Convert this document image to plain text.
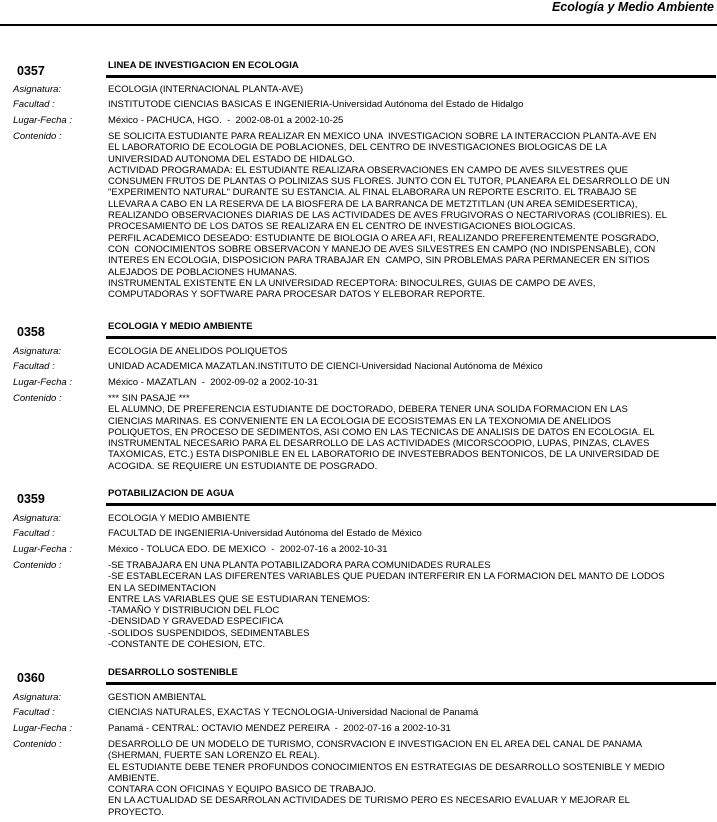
Ecología y Medio Ambiente
0357	LINEA DE INVESTIGACION EN ECOLOGIA
Asignatura:	ECOLOGIA (INTERNACIONAL PLANTA-AVE)
Facultad :	INSTITUTODE CIENCIAS BASICAS E INGENIERIA-Universidad Autónoma del Estado de Hidalgo
Lugar-Fecha :	México - PACHUCA, HGO.  -  2002-08-01 a 2002-10-25
Contenido :	SE SOLICITA ESTUDIANTE PARA REALIZAR EN MEXICO UNA  INVESTIGACION SOBRE LA INTERACCION PLANTA-AVE EN
EL LABORATORIO DE ECOLOGIA DE POBLACIONES, DEL CENTRO DE INVESTIGACIONES BIOLOGICAS DE LA
UNIVERSIDAD AUTONOMA DEL ESTADO DE HIDALGO.
ACTIVIDAD PROGRAMADA: EL ESTUDIANTE REALIZARA OBSERVACIONES EN CAMPO DE AVES SILVESTRES QUE
CONSUMEN FRUTOS DE PLANTAS O POLINIZAS SUS FLORES. JUNTO CON EL TUTOR, PLANEARA EL DESARROLLO DE UN
"EXPERIMENTO NATURAL" DURANTE SU ESTANCIA. AL FINAL ELABORARA UN REPORTE ESCRITO. EL TRABAJO SE
LLEVARA A CABO EN LA RESERVA DE LA BIOSFERA DE LA BARRANCA DE METZTITLAN (UN AREA SEMIDESERTICA),
REALIZANDO OBSERVACIONES DIARIAS DE LAS ACTIVIDADES DE AVES FRUGIVORAS O NECTARIVORAS (COLIBRIES). EL
PROCESAMIENTO DE LOS DATOS SE REALIZARA EN EL CENTRO DE INVESTIGACIONES BIOLOGICAS.
PERFIL ACADEMICO DESEADO: ESTUDIANTE DE BIOLOGIA O AREA AFI, REALIZANDO PREFERENTEMENTE POSGRADO,
CON  CONOCIMIENTOS SOBRE OBSERVACON Y MANEJO DE AVES SILVESTRES EN CAMPO (NO INDISPENSABLE), CON
INTERES EN ECOLOGIA, DISPOSICION PARA TRABAJAR EN  CAMPO, SIN PROBLEMAS PARA PERMANECER EN SITIOS
ALEJADOS DE POBLACIONES HUMANAS.
INSTRUMENTAL EXISTENTE EN LA UNIVERSIDAD RECEPTORA: BINOCULRES, GUIAS DE CAMPO DE AVES,
COMPUTADORAS Y SOFTWARE PARA PROCESAR DATOS Y ELEBORAR REPORTE.
0358	ECOLOGIA Y MEDIO AMBIENTE
Asignatura:	ECOLOGIA DE ANELIDOS POLIQUETOS
Facultad :	UNIDAD ACADEMICA MAZATLAN.INSTITUTO DE CIENCI-Universidad Nacional Autónoma de México
Lugar-Fecha :	México - MAZATLAN  -  2002-09-02 a 2002-10-31
Contenido :	*** SIN PASAJE ***
EL ALUMNO, DE PREFERENCIA ESTUDIANTE DE DOCTORADO, DEBERA TENER UNA SOLIDA FORMACION EN LAS
CIENCIAS MARINAS. ES CONVENIENTE EN LA ECOLOGIA DE ECOSISTEMAS EN LA TEXONOMIA DE ANELIDOS
POLIQUETOS, EN PROCESO DE SEDIMENTOS, ASI COMO EN LAS TECNICAS DE ANALISIS DE DATOS EN ECOLOGIA. EL
INSTRUMENTAL NECESARIO PARA EL DESARROLLO DE LAS ACTIVIDADES (MICORSCOOPIO, LUPAS, PINZAS, CLAVES
TAXOMICAS, ETC.) ESTA DISPONIBLE EN EL LABORATORIO DE INVESTEBRADOS BENTONICOS, DE LA UNIVERSIDAD DE
ACOGIDA. SE REQUIERE UN ESTUDIANTE DE POSGRADO.
0359	POTABILIZACION DE AGUA
Asignatura:	ECOLOGIA Y MEDIO AMBIENTE
Facultad :	FACULTAD DE INGENIERIA-Universidad Autónoma del Estado de México
Lugar-Fecha :	México - TOLUCA EDO. DE MEXICO  -  2002-07-16 a 2002-10-31
Contenido :	-SE TRABAJARA EN UNA PLANTA POTABILIZADORA PARA COMUNIDADES RURALES
-SE ESTABLECERAN LAS DIFERENTES VARIABLES QUE PUEDAN INTERFERIR EN LA FORMACION DEL MANTO DE LODOS
EN LA SEDIMENTACION
ENTRE LAS VARIABLES QUE SE ESTUDIARAN TENEMOS:
-TAMAÑO Y DISTRIBUCION DEL FLOC
-DENSIDAD Y GRAVEDAD ESPECIFICA
-SOLIDOS SUSPENDIDOS, SEDIMENTABLES
-CONSTANTE DE COHESION, ETC.
0360	DESARROLLO SOSTENIBLE
Asignatura:	GESTION AMBIENTAL
Facultad :	CIENCIAS NATURALES, EXACTAS Y TECNOLOGIA-Universidad Nacional de Panamá
Lugar-Fecha :	Panamá - CENTRAL: OCTAVIO MENDEZ PEREIRA  -  2002-07-16 a 2002-10-31
Contenido :	DESARROLLO DE UN MODELO DE TURISMO, CONSRVACION E INVESTIGACION EN EL AREA DEL CANAL DE PANAMA
(SHERMAN, FUERTE SAN LORENZO EL REAL).
EL ESTUDIANTE DEBE TENER PROFUNDOS CONOCIMIENTOS EN ESTRATEGIAS DE DESARROLLO SOSTENIBLE Y MEDIO
AMBIENTE.
CONTARA CON OFICINAS Y EQUIPO BASICO DE TRABAJO.
EN LA ACTUALIDAD SE DESARROLAN ACTIVIDADES DE TURISMO PERO ES NECESARIO EVALUAR Y MEJORAR EL
PROYECTO.
